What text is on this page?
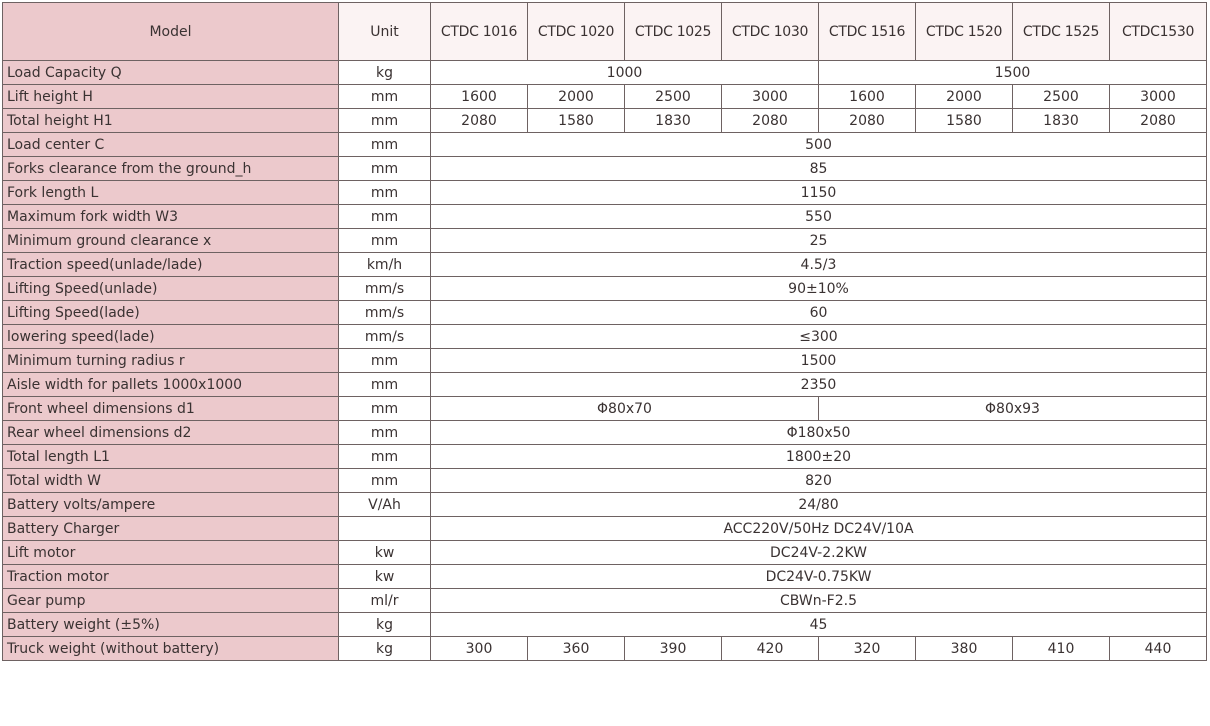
Model	Unit	CTDC 1016	CTDC 1020	CTDC 1025	CTDC 1030	CTDC 1516	CTDC 1520	CTDC 1525	CTDC1530
Load Capacity Q	kg	1000				1500			
Lift height H	mm	1600	2000	2500	3000	1600	2000	2500	3000
Total height H1	mm	2080	1580	1830	2080	2080	1580	1830	2080
Load center C	mm	500							
Forks clearance from the ground_h	mm	85							
Fork length L	mm	1150							
Maximum fork width W3	mm	550							
Minimum ground clearance x	mm	25							
Traction speed(unlade/lade)	km/h	4.5/3							
Lifting Speed(unlade)	mm/s	90±10%							
Lifting Speed(lade)	mm/s	60							
lowering speed(lade)	mm/s	≤300							
Minimum turning radius r	mm	1500							
Aisle width for pallets 1000x1000	mm	2350							
Front wheel dimensions d1	mm	Φ80x70				Φ80x93			
Rear wheel dimensions d2	mm	Φ180x50							
Total length L1	mm	1800±20							
Total width W	mm	820							
Battery volts/ampere	V/Ah	24/80							
Battery Charger		ACC220V/50Hz DC24V/10A							
Lift motor	kw	DC24V-2.2KW							
Traction motor	kw	DC24V-0.75KW							
Gear pump	ml/r	CBWn-F2.5							
Battery weight (±5%)	kg	45							
Truck weight (without battery)	kg	300	360	390	420	320	380	410	440
